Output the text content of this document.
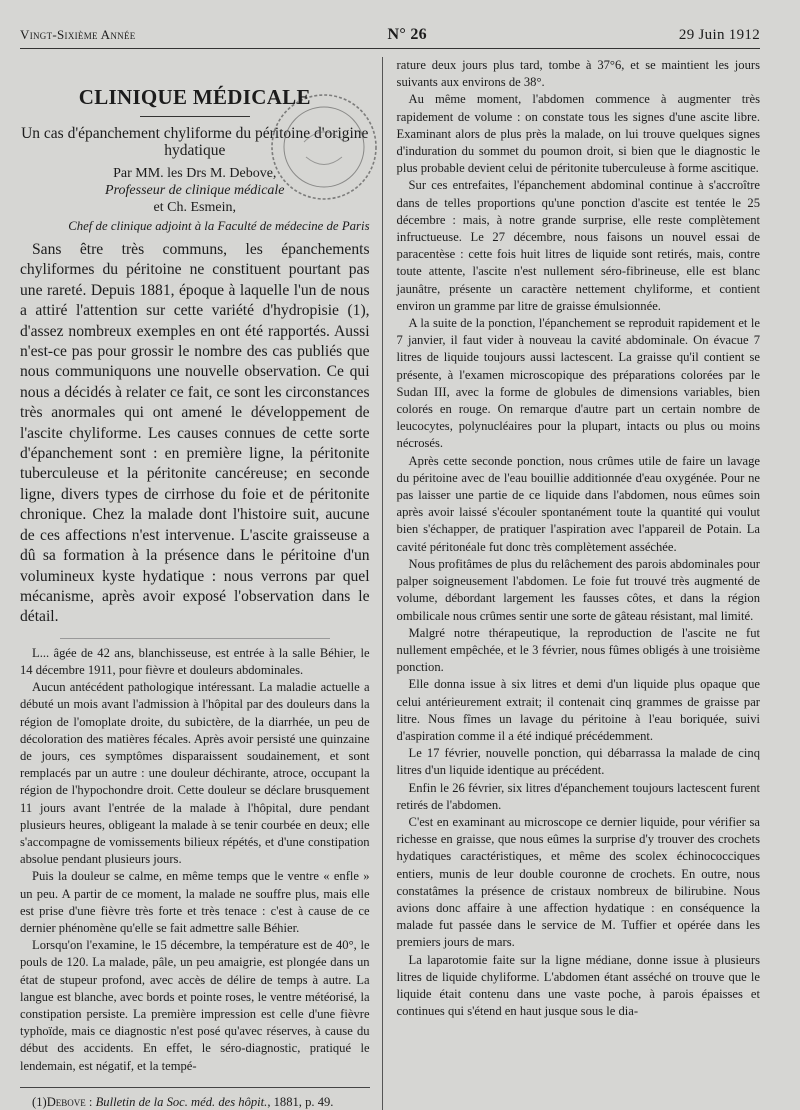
Vingt-Sixième Année	N° 26	29 Juin 1912
CLINIQUE MÉDICALE
Un cas d'épanchement chyliforme du péritoine d'origine hydatique
Par MM. les Drs M. Debove,
Professeur de clinique médicale
et Ch. Esmein,
Chef de clinique adjoint à la Faculté de médecine de Paris

Sans être très communs, les épanchements chyliformes du péritoine ne constituent pourtant pas une rareté. Depuis 1881, époque à laquelle l'un de nous a attiré l'attention sur cette variété d'hydropisie (1), d'assez nombreux exemples en ont été rapportés. Aussi n'est-ce pas pour grossir le nombre des cas publiés que nous communiquons une nouvelle observation. Ce qui nous a décidés à relater ce fait, ce sont les circonstances très anormales qui ont amené le développement de l'ascite chyliforme. Les causes connues de cette sorte d'épanchement sont : en première ligne, la péritonite tuberculeuse et la péritonite cancéreuse; en seconde ligne, divers types de cirrhose du foie et de péritonite chronique. Chez la malade dont l'histoire suit, aucune de ces affections n'est intervenue. L'ascite graisseuse a dû sa formation à la présence dans le péritoine d'un volumineux kyste hydatique : nous verrons par quel mécanisme, après avoir exposé l'observation dans le détail.

L... âgée de 42 ans, blanchisseuse, est entrée à la salle Béhier, le 14 décembre 1911, pour fièvre et douleurs abdominales.

Aucun antécédent pathologique intéressant. La maladie actuelle a débuté un mois avant l'admission à l'hôpital par des douleurs dans la région de l'omoplate droite, du subictère, de la diarrhée, un peu de décoloration des matières fécales. Après avoir persisté une quinzaine de jours, ces symptômes disparaissent soudainement, et sont remplacés par un autre : une douleur déchirante, atroce, occupant la région de l'hypochondre droit. Cette douleur se déclare brusquement 11 jours avant l'entrée de la malade à l'hôpital, dure pendant plusieurs heures, obligeant la malade à se tenir courbée en deux; elle s'accompagne de vomissements bilieux répétés, et d'une constipation absolue pendant plusieurs jours.

Puis la douleur se calme, en même temps que le ventre « enfle » un peu. A partir de ce moment, la malade ne souffre plus, mais elle est prise d'une fièvre très forte et très tenace : c'est à cause de ce dernier phénomène qu'elle se fait admettre salle Béhier.

Lorsqu'on l'examine, le 15 décembre, la température est de 40°, le pouls de 120. La malade, pâle, un peu amaigrie, est plongée dans un état de stupeur profond, avec accès de délire de temps à autre. La langue est blanche, avec bords et pointe roses, le ventre météorisé, la constipation persiste. La première impression est celle d'une fièvre typhoïde, mais ce diagnostic n'est posé qu'avec réserves, à cause du début des accidents. En effet, le séro-diagnostic, pratiqué le lendemain, est négatif, et la tempé-

(1)Debove : Bulletin de la Soc. méd. des hôpit., 1881, p. 49.

rature deux jours plus tard, tombe à 37°6, et se maintient les jours suivants aux environs de 38°.

Au même moment, l'abdomen commence à augmenter très rapidement de volume : on constate tous les signes d'une ascite libre. Examinant alors de plus près la malade, on lui trouve quelques signes d'induration du sommet du poumon droit, si bien que le diagnostic le plus probable devient celui de péritonite tuberculeuse à forme ascitique.

Sur ces entrefaites, l'épanchement abdominal continue à s'accroître dans de telles proportions qu'une ponction d'ascite est tentée le 25 décembre : mais, à notre grande surprise, elle reste complètement infructueuse. Le 27 décembre, nous faisons un nouvel essai de paracentèse : cette fois huit litres de liquide sont retirés, mais, contre toute attente, l'ascite n'est nullement séro-fibrineuse, elle est blanc jaunâtre, présente un caractère nettement chyliforme, et contient environ un gramme par litre de graisse émulsionnée.

A la suite de la ponction, l'épanchement se reproduit rapidement et le 7 janvier, il faut vider à nouveau la cavité abdominale. On évacue 7 litres de liquide toujours aussi lactescent. La graisse qu'il contient se présente, à l'examen microscopique des préparations colorées par le Sudan III, avec la forme de globules de dimensions variables, bien colorés en rouge. On remarque d'autre part un certain nombre de leucocytes, polynucléaires pour la plupart, intacts ou plus ou moins nécrosés.

Après cette seconde ponction, nous crûmes utile de faire un lavage du péritoine avec de l'eau bouillie additionnée d'eau oxygénée. Pour ne pas laisser une partie de ce liquide dans l'abdomen, nous eûmes soin après avoir laissé s'écouler spontanément toute la quantité qui voulut bien s'échapper, de pratiquer l'aspiration avec l'appareil de Potain. La cavité péritonéale fut donc très complètement asséchée.

Nous profitâmes de plus du relâchement des parois abdominales pour palper soigneusement l'abdomen. Le foie fut trouvé très augmenté de volume, débordant largement les fausses côtes, et dans la région ombilicale nous crûmes sentir une sorte de gâteau résistant, mal limité.

Malgré notre thérapeutique, la reproduction de l'ascite ne fut nullement empêchée, et le 3 février, nous fûmes obligés à une troisième ponction.

Elle donna issue à six litres et demi d'un liquide plus opaque que celui antérieurement extrait; il contenait cinq grammes de graisse par litre. Nous fîmes un lavage du péritoine à l'eau boriquée, suivi d'aspiration comme il a été indiqué précédemment.

Le 17 février, nouvelle ponction, qui débarrassa la malade de cinq litres d'un liquide identique au précédent.

Enfin le 26 février, six litres d'épanchement toujours lactescent furent retirés de l'abdomen.

C'est en examinant au microscope ce dernier liquide, pour vérifier sa richesse en graisse, que nous eûmes la surprise d'y trouver des crochets hydatiques caractéristiques, et même des scolex échinococciques entiers, munis de leur double couronne de crochets. En outre, nous constatâmes la présence de cristaux nombreux de bilirubine. Nous avions donc affaire à une affection hydatique : en conséquence la malade fut passée dans le service de M. Tuffier et opérée dans les premiers jours de mars.

La laparotomie faite sur la ligne médiane, donne issue à plusieurs litres de liquide chyliforme. L'abdomen étant asséché on trouve que le liquide était contenu dans une vaste poche, à parois épaisses et continues qui s'étend en haut jusque sous le dia-
